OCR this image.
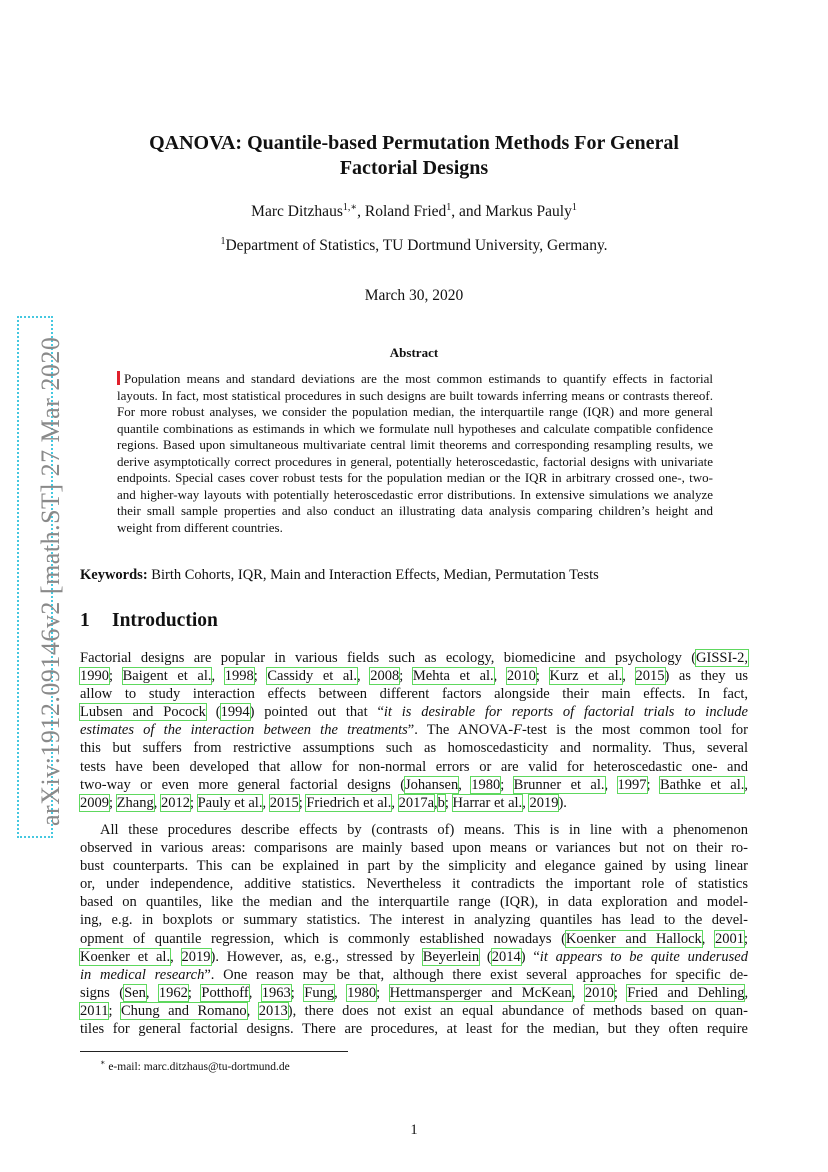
arXiv:1912.09146v2 [math.ST] 27 Mar 2020
QANOVA: Quantile-based Permutation Methods For General
Factorial Designs
Marc Ditzhaus$^{1,∗}$, Roland Fried$^1$, and Markus Pauly$^1$
$^1$Department of Statistics, TU Dortmund University, Germany.
March 30, 2020
Abstract
Population means and standard deviations are the most common estimands to quantify effects in factorial layouts. In fact, most statistical procedures in such designs are built towards inferring means or contrasts thereof. For more robust analyses, we consider the population median, the interquartile range (IQR) and more general quantile combinations as estimands in which we formulate null hypotheses and calculate compatible confidence regions. Based upon simultaneous multivariate central limit theorems and corresponding resampling results, we derive asymptotically correct procedures in general, potentially heteroscedastic, factorial designs with univariate endpoints. Special cases cover robust tests for the population median or the IQR in arbitrary crossed one-, two- and higher-way layouts with potentially heteroscedastic error distributions. In extensive simulations we analyze their small sample properties and also conduct an illustrating data analysis comparing children’s height and weight from different countries.
Keywords: Birth Cohorts, IQR, Main and Interaction Effects, Median, Permutation Tests
1 Introduction
Factorial designs are popular in various fields such as ecology, biomedicine and psychology (GISSI-2,
1990; Baigent et al., 1998; Cassidy et al., 2008; Mehta et al., 2010; Kurz et al., 2015) as they us
allow to study interaction effects between different factors alongside their main effects. In fact,
Lubsen and Pocock (1994) pointed out that “it is desirable for reports of factorial trials to include
estimates of the interaction between the treatments”. The ANOVA-F-test is the most common tool for
this but suffers from restrictive assumptions such as homoscedasticity and normality. Thus, several
tests have been developed that allow for non-normal errors or are valid for heteroscedastic one- and
two-way or even more general factorial designs (Johansen, 1980; Brunner et al., 1997; Bathke et al.,
2009; Zhang, 2012; Pauly et al., 2015; Friedrich et al., 2017a,b; Harrar et al., 2019).
All these procedures describe effects by (contrasts of) means. This is in line with a phenomenon
observed in various areas: comparisons are mainly based upon means or variances but not on their ro-
bust counterparts. This can be explained in part by the simplicity and elegance gained by using linear
or, under independence, additive statistics. Nevertheless it contradicts the important role of statistics
based on quantiles, like the median and the interquartile range (IQR), in data exploration and model-
ing, e.g. in boxplots or summary statistics. The interest in analyzing quantiles has lead to the devel-
opment of quantile regression, which is commonly established nowadays (Koenker and Hallock, 2001;
Koenker et al., 2019). However, as, e.g., stressed by Beyerlein (2014) “it appears to be quite underused
in medical research”. One reason may be that, although there exist several approaches for specific de-
signs (Sen, 1962; Potthoff, 1963; Fung, 1980; Hettmansperger and McKean, 2010; Fried and Dehling,
2011; Chung and Romano, 2013), there does not exist an equal abundance of methods based on quan-
tiles for general factorial designs. There are procedures, at least for the median, but they often require
∗ e-mail: marc.ditzhaus@tu-dortmund.de
1
